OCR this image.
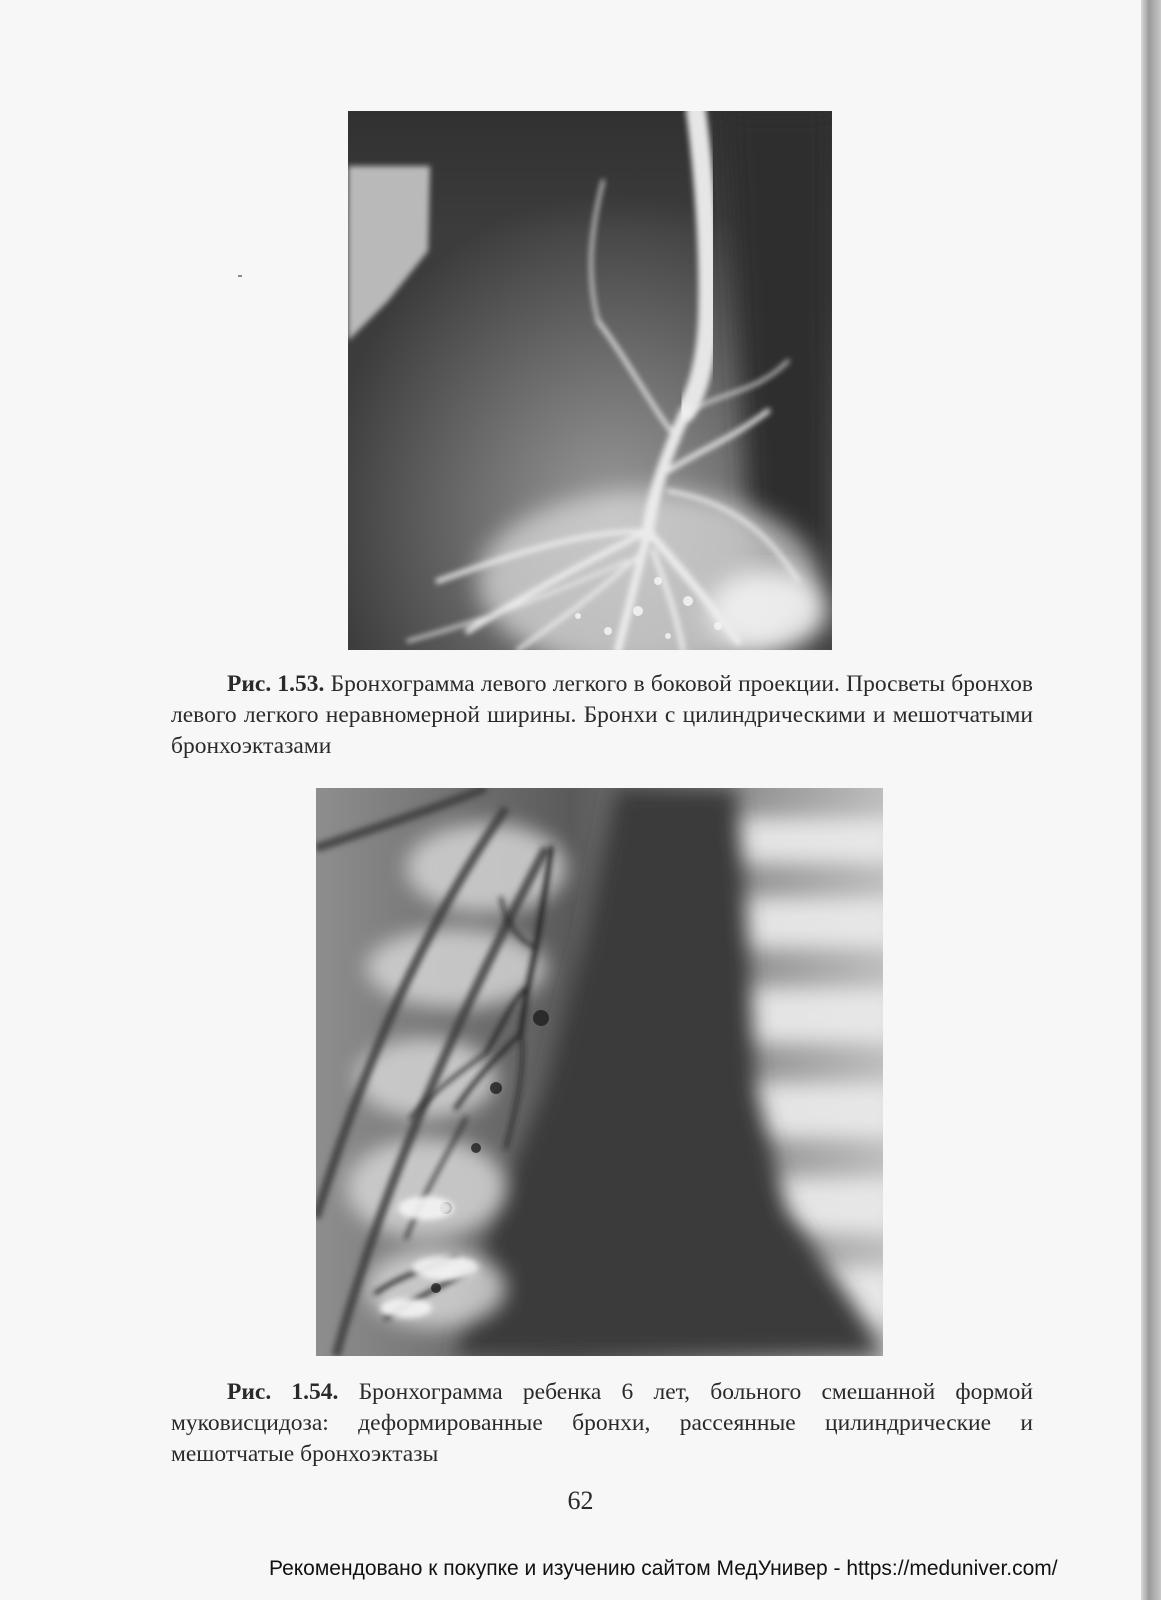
Рис. 1.53. Бронхограмма левого легкого в боковой проекции. Просветы бронхов левого легкого неравномерной ширины. Бронхи с цилиндрическими и мешотчатыми бронхоэктазами

Рис. 1.54. Бронхограмма ребенка 6 лет, больного смешанной формой муковисцидоза: деформированные бронхи, рассеянные цилиндрические и мешотчатые бронхоэктазы

62
Рекомендовано к покупке и изучению сайтом МедУнивер - https://meduniver.com/
